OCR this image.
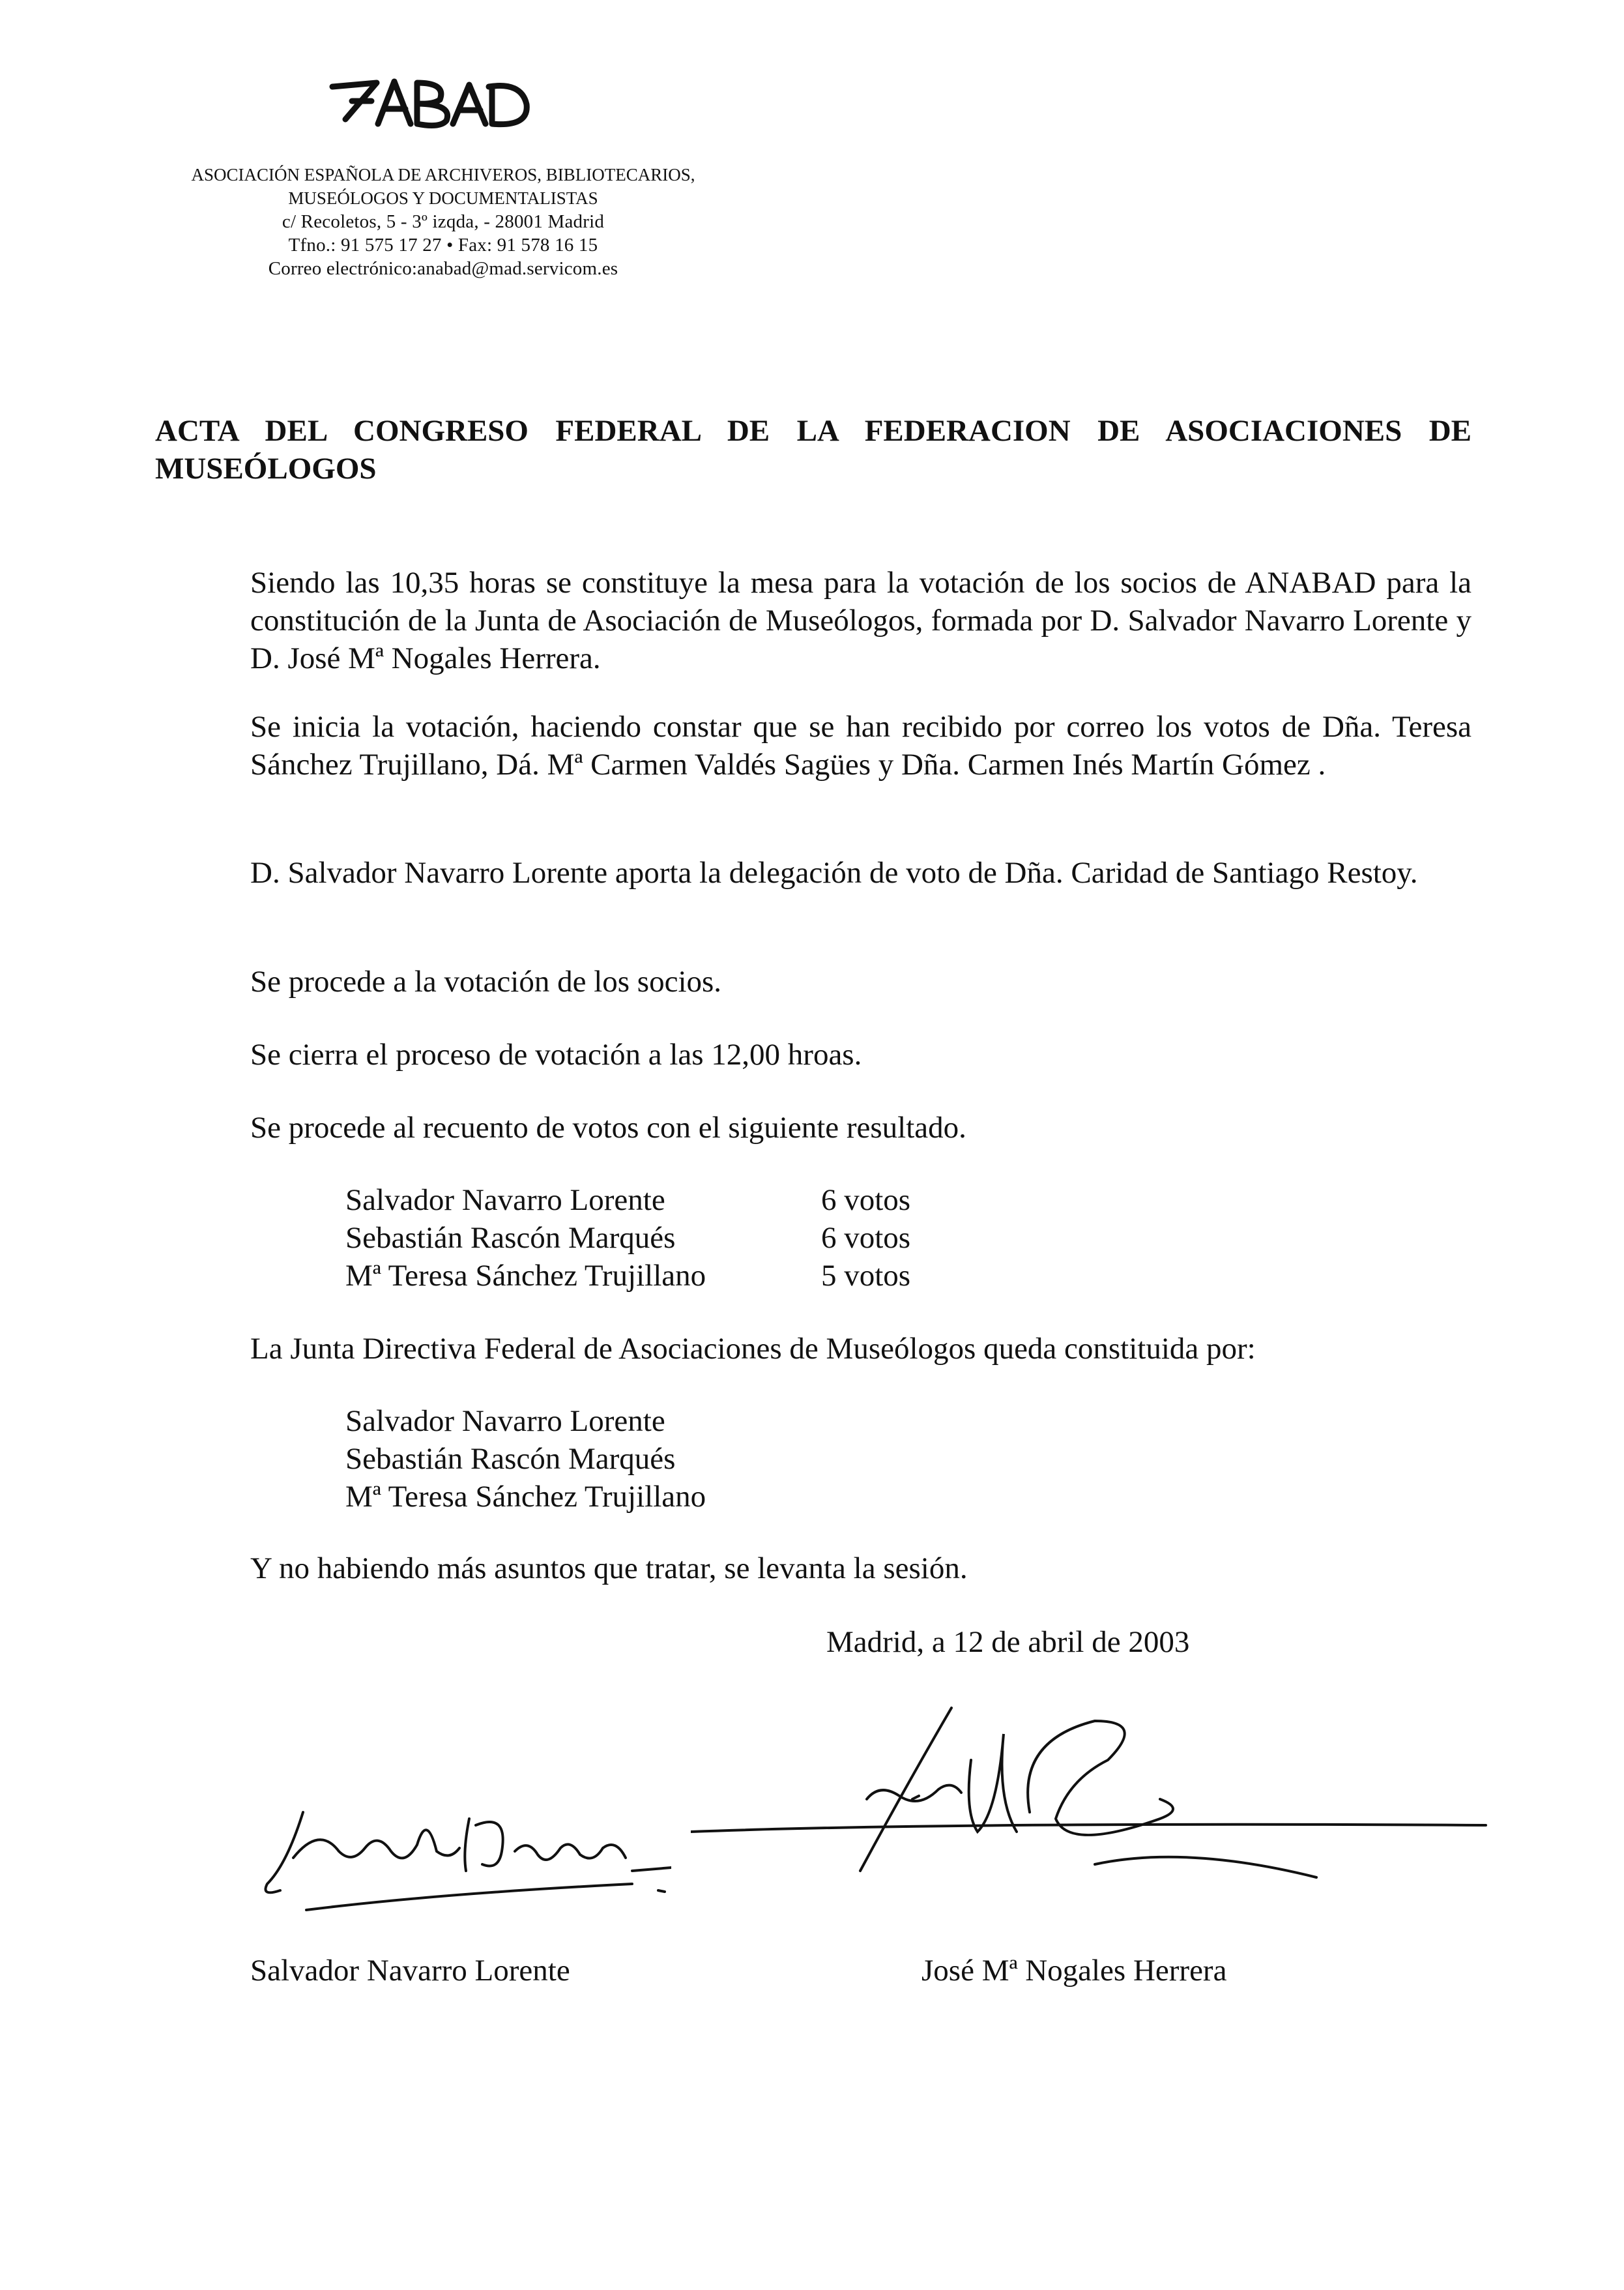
ASOCIACIÓN ESPAÑOLA DE ARCHIVEROS, BIBLIOTECARIOS,
MUSEÓLOGOS Y DOCUMENTALISTAS
c/ Recoletos, 5 - 3º izqda, - 28001 Madrid
Tfno.: 91 575 17 27 • Fax: 91 578 16 15
Correo electrónico:anabad@mad.servicom.es
ACTA DEL CONGRESO FEDERAL DE LA FEDERACION DE ASOCIACIONES DE MUSEÓLOGOS
Siendo las 10,35 horas se constituye la mesa para la votación de los socios de ANABAD para la constitución de la Junta de Asociación de Museólogos, formada por D. Salvador Navarro Lorente y D. José Mª Nogales Herrera.
Se inicia la votación, haciendo constar que se han recibido por correo los votos de Dña. Teresa Sánchez Trujillano, Dá. Mª Carmen Valdés Sagües y Dña. Carmen Inés Martín Gómez .
D. Salvador Navarro Lorente aporta la delegación de voto de Dña. Caridad de Santiago Restoy.
Se procede a la votación de los socios.
Se cierra el proceso de votación a las 12,00 hroas.
Se procede al recuento de votos con el siguiente resultado.
Salvador Navarro Lorente	6 votos
Sebastián Rascón Marqués	6 votos
Mª Teresa Sánchez Trujillano	5 votos
La Junta Directiva Federal de Asociaciones de Museólogos queda constituida por:
Salvador Navarro Lorente
Sebastián Rascón Marqués
Mª Teresa Sánchez Trujillano
Y no habiendo más asuntos que tratar, se levanta la sesión.
Madrid, a 12 de abril de 2003
Salvador Navarro Lorente	José Mª Nogales Herrera
